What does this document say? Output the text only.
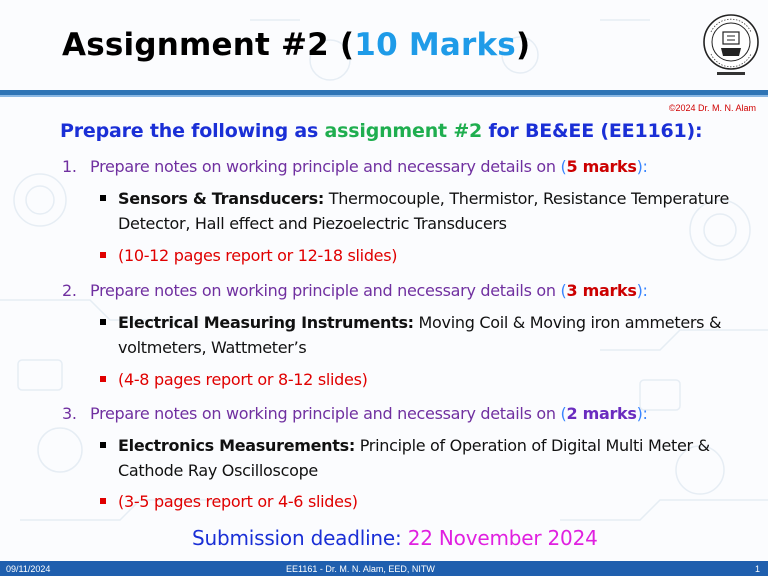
Assignment #2 (10 Marks)
©2024 Dr. M. N. Alam
Prepare the following as assignment #2 for BE&EE (EE1161):
1. Prepare notes on working principle and necessary details on (5 marks):
Sensors & Transducers: Thermocouple, Thermistor, Resistance Temperature Detector, Hall effect and Piezoelectric Transducers
(10-12 pages report or 12-18 slides)
2. Prepare notes on working principle and necessary details on (3 marks):
Electrical Measuring Instruments: Moving Coil & Moving iron ammeters & voltmeters, Wattmeter’s
(4-8 pages report or 8-12 slides)
3. Prepare notes on working principle and necessary details on (2 marks):
Electronics Measurements: Principle of Operation of Digital Multi Meter & Cathode Ray Oscilloscope
(3-5 pages report or 4-6 slides)
Submission deadline: 22 November 2024
09/11/2024	EE1161 - Dr. M. N. Alam, EED, NITW	1
